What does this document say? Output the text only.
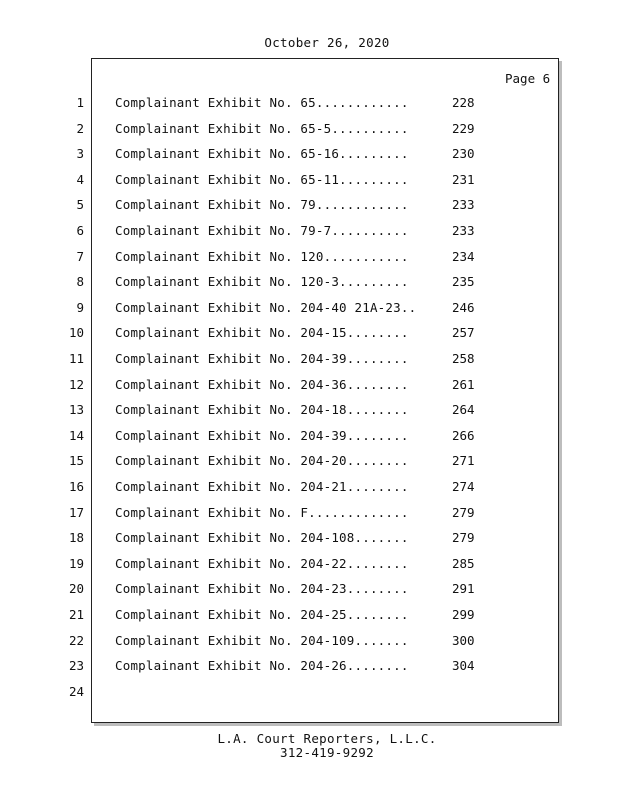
October 26, 2020
Page 6
1 Complainant Exhibit No. 65............	228
2 Complainant Exhibit No. 65-5..........	229
3 Complainant Exhibit No. 65-16.........	230
4 Complainant Exhibit No. 65-11.........	231
5 Complainant Exhibit No. 79............	233
6 Complainant Exhibit No. 79-7..........	233
7 Complainant Exhibit No. 120...........	234
8 Complainant Exhibit No. 120-3.........	235
9 Complainant Exhibit No. 204-40 21A-23..	246
10 Complainant Exhibit No. 204-15........	257
11 Complainant Exhibit No. 204-39........	258
12 Complainant Exhibit No. 204-36........	261
13 Complainant Exhibit No. 204-18........	264
14 Complainant Exhibit No. 204-39........	266
15 Complainant Exhibit No. 204-20........	271
16 Complainant Exhibit No. 204-21........	274
17 Complainant Exhibit No. F.............	279
18 Complainant Exhibit No. 204-108.......	279
19 Complainant Exhibit No. 204-22........	285
20 Complainant Exhibit No. 204-23........	291
21 Complainant Exhibit No. 204-25........	299
22 Complainant Exhibit No. 204-109.......	300
23 Complainant Exhibit No. 204-26........	304
24
L.A. Court Reporters, L.L.C.
312-419-9292
